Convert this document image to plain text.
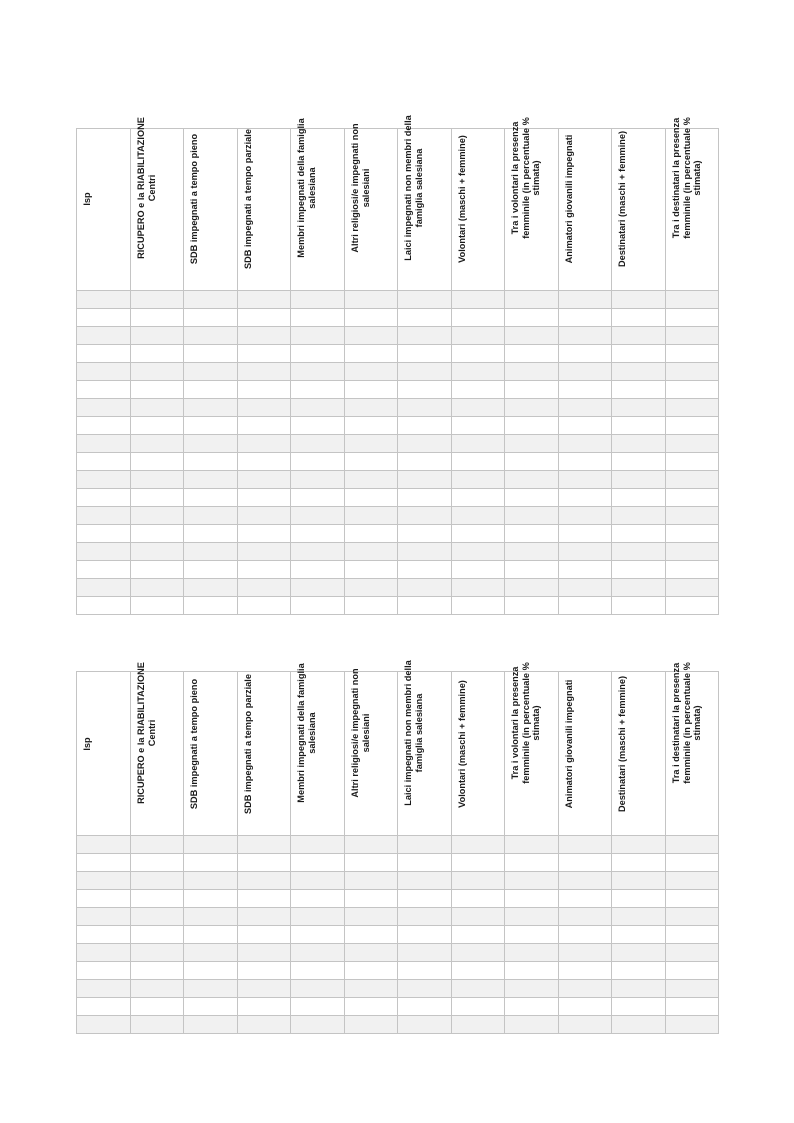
Isp	RICUPERO e la RIABILITAZIONE Centri	SDB impegnati a tempo pieno	SDB impegnati a tempo parziale	Membri impegnati della famiglia salesiana	Altri religiosi/e impegnati non salesiani	Laici impegnati non membri della famiglia salesiana	Volontari (maschi + femmine)	Tra i volontari la presenza femminile (in percentuale % stimata)	Animatori giovanili impegnati	Destinatari (maschi + femmine)	Tra i destinatari la presenza femminile (in percentuale % stimata)

Isp	RICUPERO e la RIABILITAZIONE Centri	SDB impegnati a tempo pieno	SDB impegnati a tempo parziale	Membri impegnati della famiglia salesiana	Altri religiosi/e impegnati non salesiani	Laici impegnati non membri della famiglia salesiana	Volontari (maschi + femmine)	Tra i volontari la presenza femminile (in percentuale % stimata)	Animatori giovanili impegnati	Destinatari (maschi + femmine)	Tra i destinatari la presenza femminile (in percentuale % stimata)
